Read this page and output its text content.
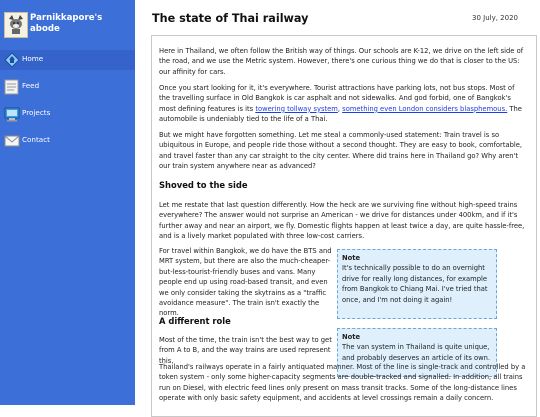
Parnikkapore's abode
Home
Feed
Projects
Contact
The state of Thai railway	30 July, 2020

Here in Thailand, we often follow the British way of things. Our schools are K-12, we drive on the left side of the road, and we use the Metric system. However, there's one curious thing we do that is closer to the US: our affinity for cars.

Once you start looking for it, it's everywhere. Tourist attractions have parking lots, not bus stops. Most of the travelling surface in Old Bangkok is car asphalt and not sidewalks. And god forbid, one of Bangkok's most defining features is its towering tollway system, something even London considers blasphemous. The automobile is undeniably tied to the life of a Thai.

But we might have forgotten something. Let me steal a commonly-used statement: Train travel is so ubiquitous in Europe, and people ride those without a second thought. They are easy to book, comfortable, and travel faster than any car straight to the city center. Where did trains here in Thailand go? Why aren't our train system anywhere near as advanced?

Shoved to the side

Let me restate that last question differently. How the heck are we surviving fine without high-speed trains everywhere? The answer would not surprise an American - we drive for distances under 400km, and if it's further away and near an airport, we fly. Domestic flights happen at least twice a day, are quite hassle-free, and is a lively market populated with three low-cost carriers.

For travel within Bangkok, we do have the BTS and MRT system, but there are also the much-cheaper-but-less-tourist-friendly buses and vans. Many people end up using road-based transit, and even we only consider taking the skytrains as a "traffic avoidance measure". The train isn't exactly the norm.

Note
It's technically possible to do an overnight drive for really long distances, for example from Bangkok to Chiang Mai. I've tried that once, and I'm not doing it again!
A different role

Most of the time, the train isn't the best way to get from A to B, and the way trains are used represent this.

Note
The van system in Thailand is quite unique, and probably deserves an article of its own.

Thailand's railways operate in a fairly antiquated manner. Most of the line is single-track and controlled by a token system - only some higher-capacity segments are double-tracked and signalled. In addition, all trains run on Diesel, with electric feed lines only present on mass transit tracks. Some of the long-distance lines operate with only basic safety equipment, and accidents at level crossings remain a daily concern.
